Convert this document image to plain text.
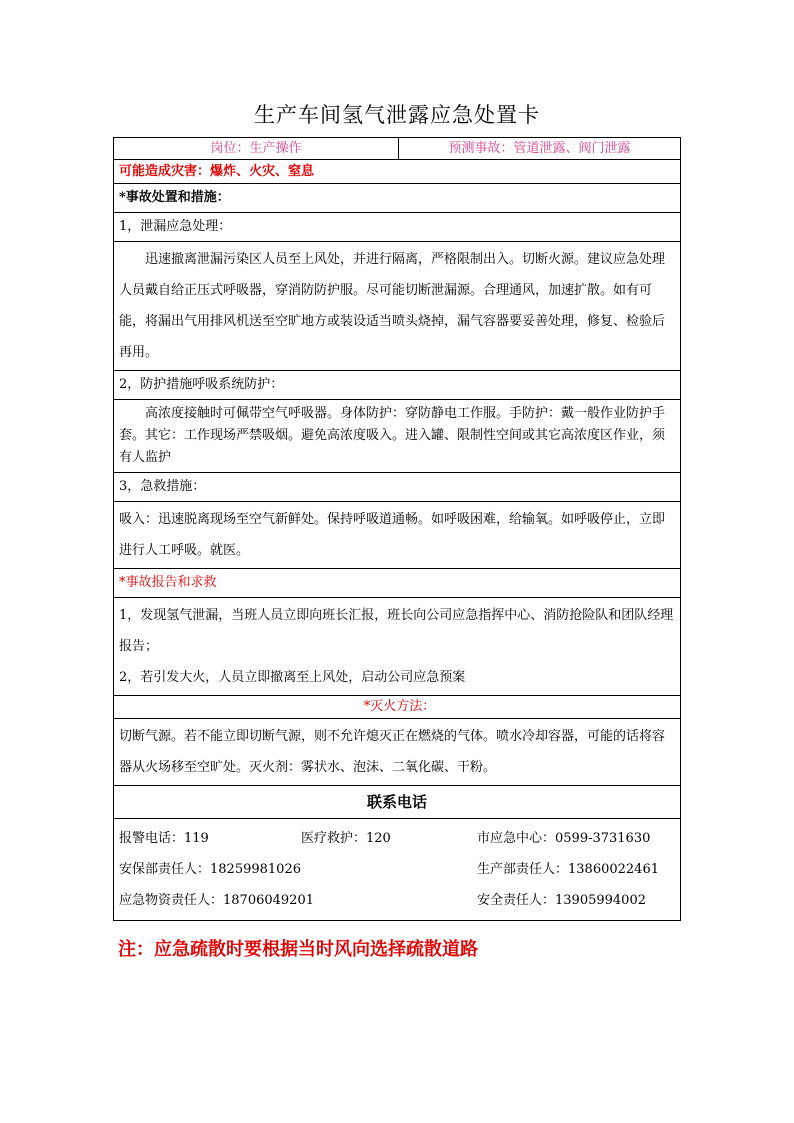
生产车间氢气泄露应急处置卡
岗位：生产操作	预测事故：管道泄露、阀门泄露
可能造成灾害：爆炸、火灾、窒息
*事故处置和措施：
1，泄漏应急处理：
迅速撤离泄漏污染区人员至上风处，并进行隔离，严格限制出入。切断火源。建议应急处理人员戴自给正压式呼吸器，穿消防防护服。尽可能切断泄漏源。合理通风，加速扩散。如有可能，将漏出气用排风机送至空旷地方或装设适当喷头烧掉，漏气容器要妥善处理，修复、检验后再用。
2，防护措施呼吸系统防护：
高浓度接触时可佩带空气呼吸器。身体防护：穿防静电工作服。手防护：戴一般作业防护手套。其它：工作现场严禁吸烟。避免高浓度吸入。进入罐、限制性空间或其它高浓度区作业，须有人监护
3，急救措施：
吸入：迅速脱离现场至空气新鲜处。保持呼吸道通畅。如呼吸困难，给输氧。如呼吸停止，立即进行人工呼吸。就医。
*事故报告和求救
1，发现氢气泄漏，当班人员立即向班长汇报，班长向公司应急指挥中心、消防抢险队和团队经理报告；
2，若引发大火，人员立即撤离至上风处，启动公司应急预案
*灭火方法：
切断气源。若不能立即切断气源，则不允许熄灭正在燃烧的气体。喷水冷却容器，可能的话将容器从火场移至空旷处。灭火剂：雾状水、泡沫、二氧化碳、干粉。
联系电话
报警电话：119	医疗救护：120	市应急中心：0599-3731630
安保部责任人：18259981026	生产部责任人：13860022461
应急物资责任人：18706049201	安全责任人：13905994002
注：应急疏散时要根据当时风向选择疏散道路
